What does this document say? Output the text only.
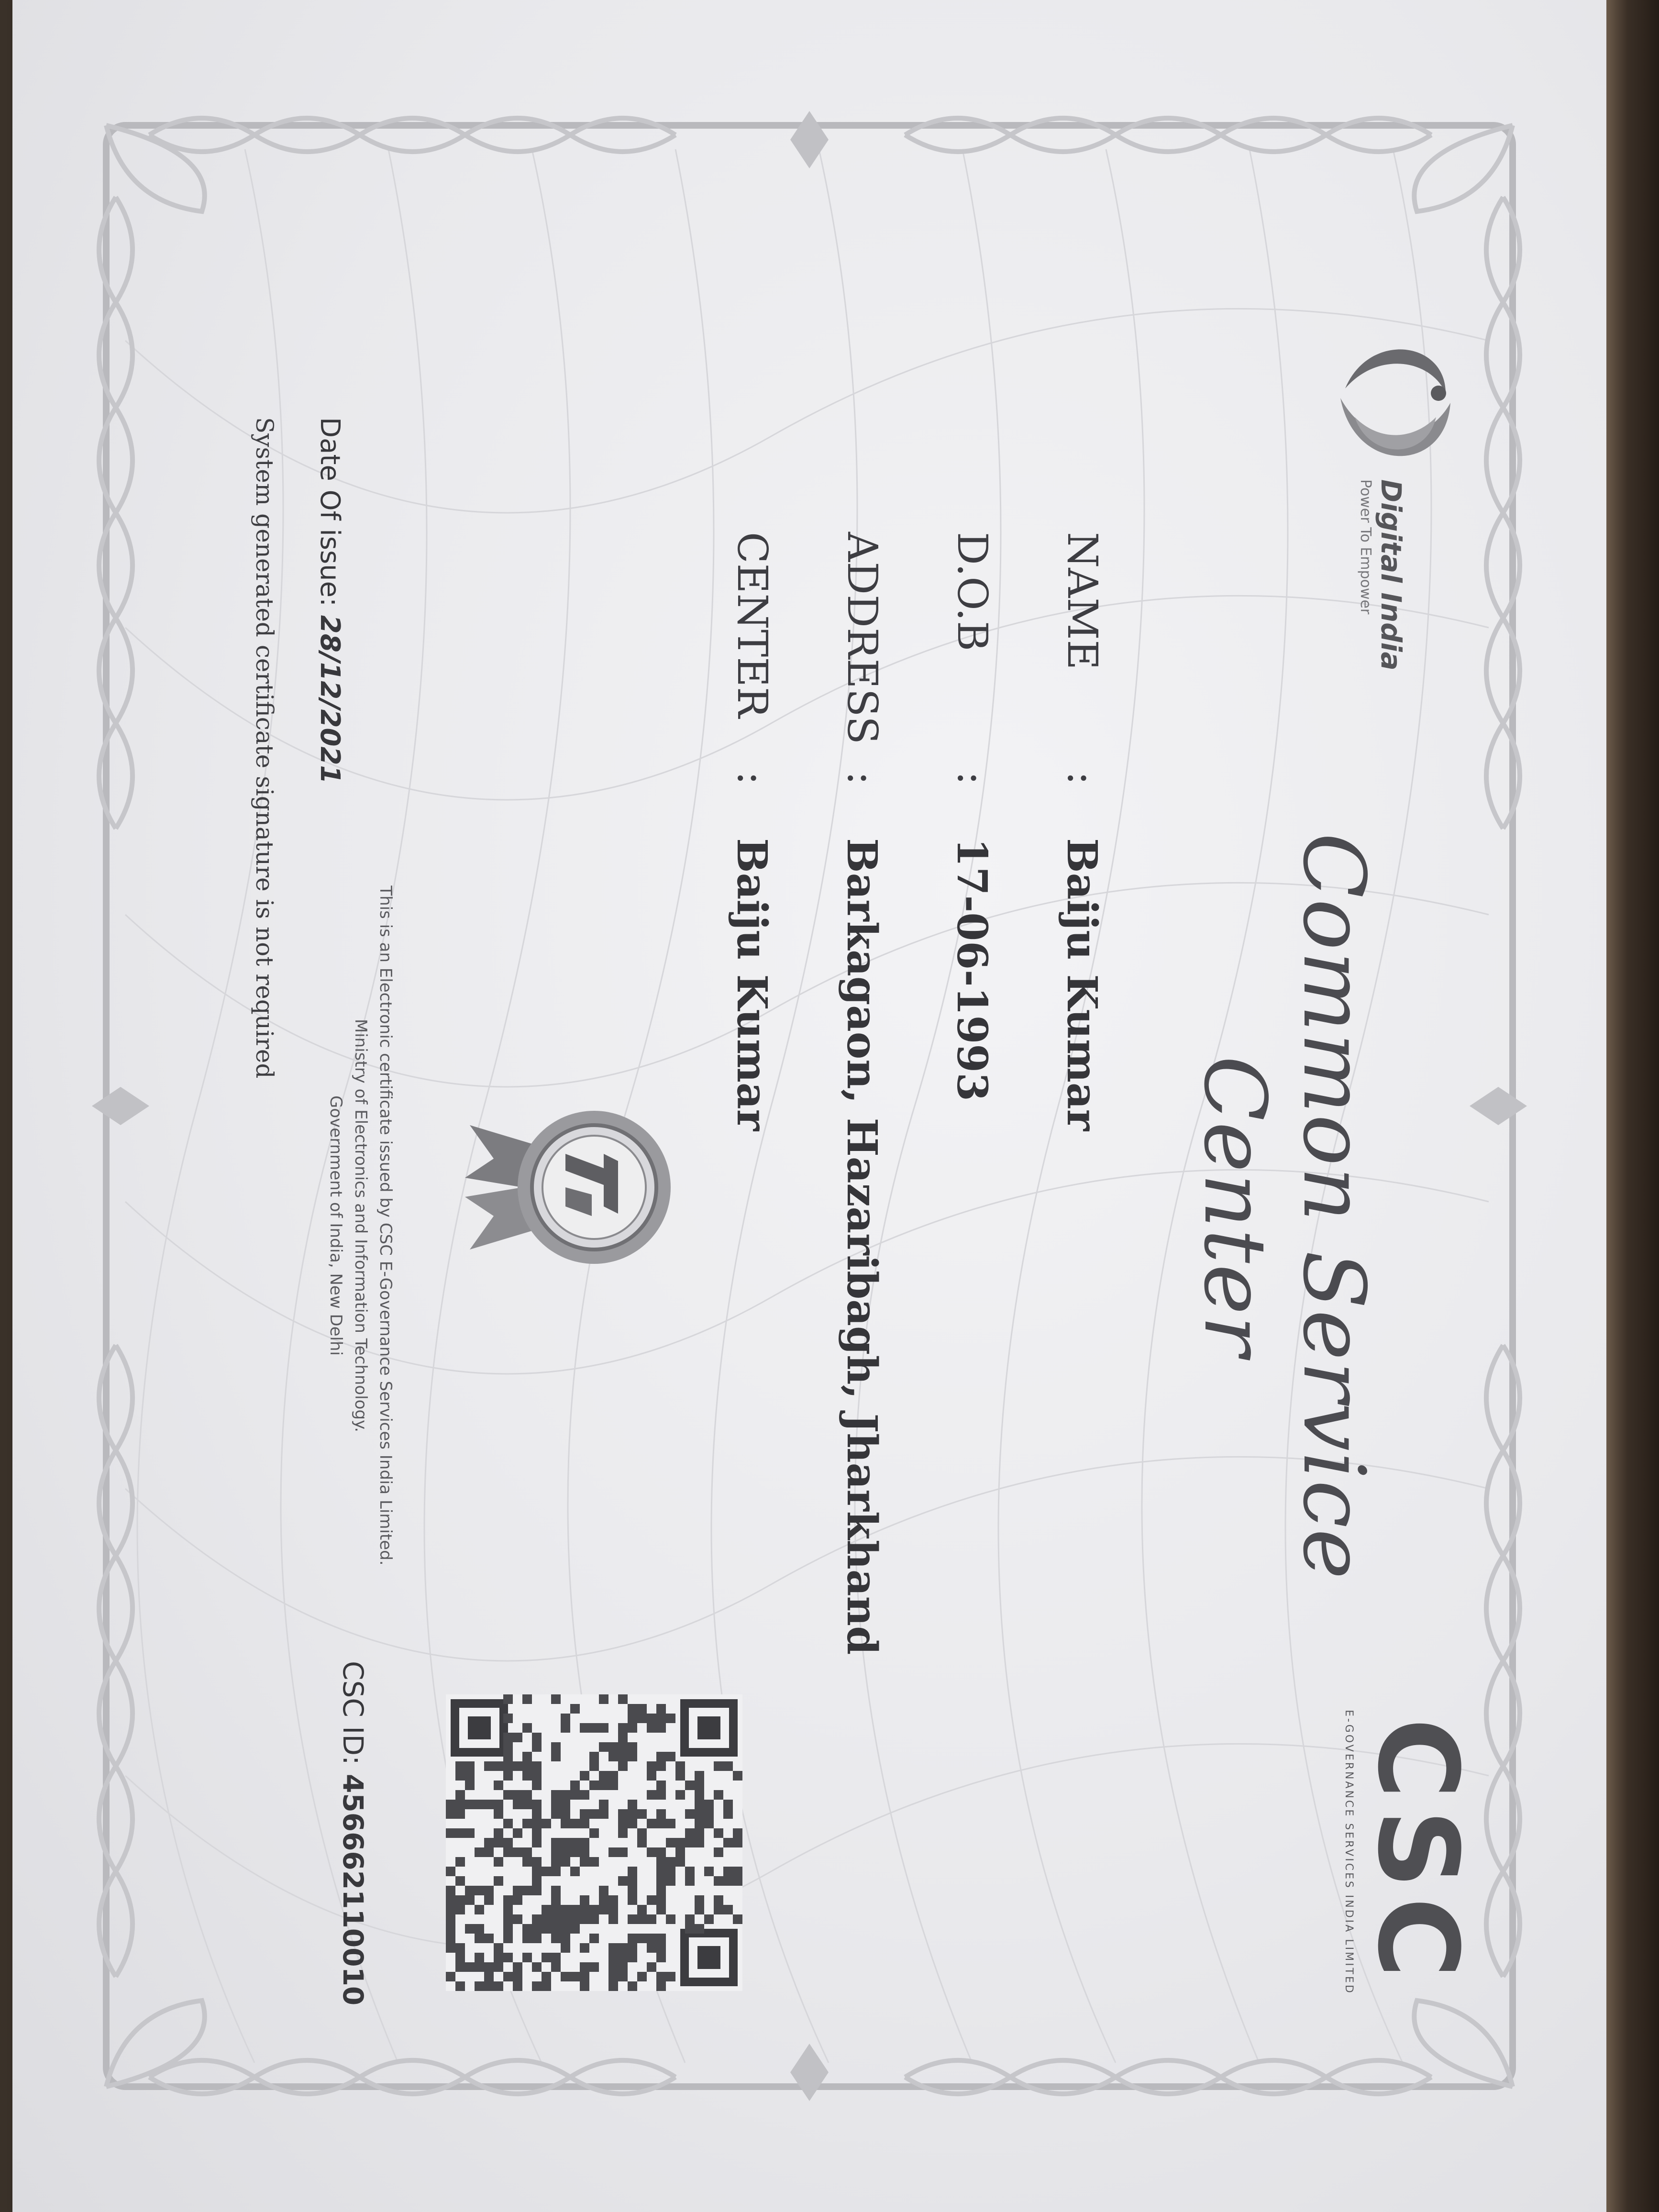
Digital India
Power To Empower
CSC
E-GOVERNANCE SERVICES INDIA LIMITED
Common Service Center
NAME
:
Baiju Kumar
D.O.B
:
17-06-1993
ADDRESS
:
Barkagaon, Hazaribagh, Jharkhand
CENTER
:
Baiju Kumar
This is an Electronic certificate issued by CSC E-Governance Services India Limited.
Ministry of Electronics and Information Technology.
Government of India, New Delhi
Date Of issue: 28/12/2021
System generated certificate signature is not required
CSC ID: 456662110010
